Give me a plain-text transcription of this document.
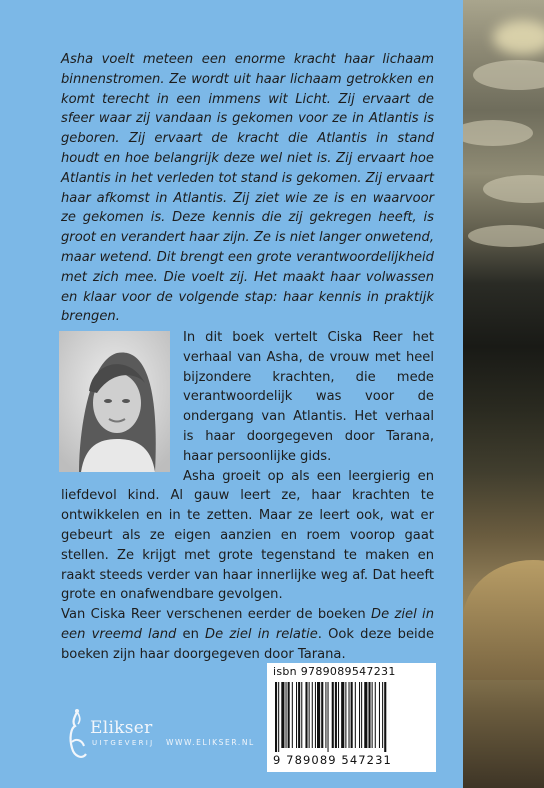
Asha voelt meteen een enorme kracht haar lichaam binnenstromen. Ze wordt uit haar lichaam getrokken en komt terecht in een immens wit Licht. Zij ervaart de sfeer waar zij vandaan is gekomen voor ze in Atlantis is geboren. Zij ervaart de kracht die Atlantis in stand houdt en hoe belangrijk deze wel niet is. Zij ervaart hoe Atlantis in het verleden tot stand is gekomen. Zij ervaart haar afkomst in Atlantis. Zij ziet wie ze is en waarvoor ze gekomen is. Deze kennis die zij gekregen heeft, is groot en verandert haar zijn. Ze is niet langer onwetend, maar wetend. Dit brengt een grote verantwoordelijkheid met zich mee. Die voelt zij. Het maakt haar volwassen en klaar voor de volgende stap: haar kennis in praktijk brengen.

In dit boek vertelt Ciska Reer het verhaal van Asha, de vrouw met heel bijzondere krachten, die mede verantwoordelijk was voor de ondergang van Atlantis. Het verhaal is haar doorgegeven door Tarana, haar persoonlijke gids.

Asha groeit op als een leergierig en liefdevol kind. Al gauw leert ze, haar krachten te ontwikkelen en in te zetten. Maar ze leert ook, wat er gebeurt als ze eigen aanzien en roem voorop gaat stellen. Ze krijgt met grote tegenstand te maken en raakt steeds verder van haar innerlijke weg af. Dat heeft grote en onafwendbare gevolgen.

Van Ciska Reer verschenen eerder de boeken De ziel in een vreemd land en De ziel in relatie. Ook deze beide boeken zijn haar doorgegeven door Tarana.

isbn 9789089547231
9 789089 547231
Elikser
UITGEVERIJ WWW.ELIKSER.NL
